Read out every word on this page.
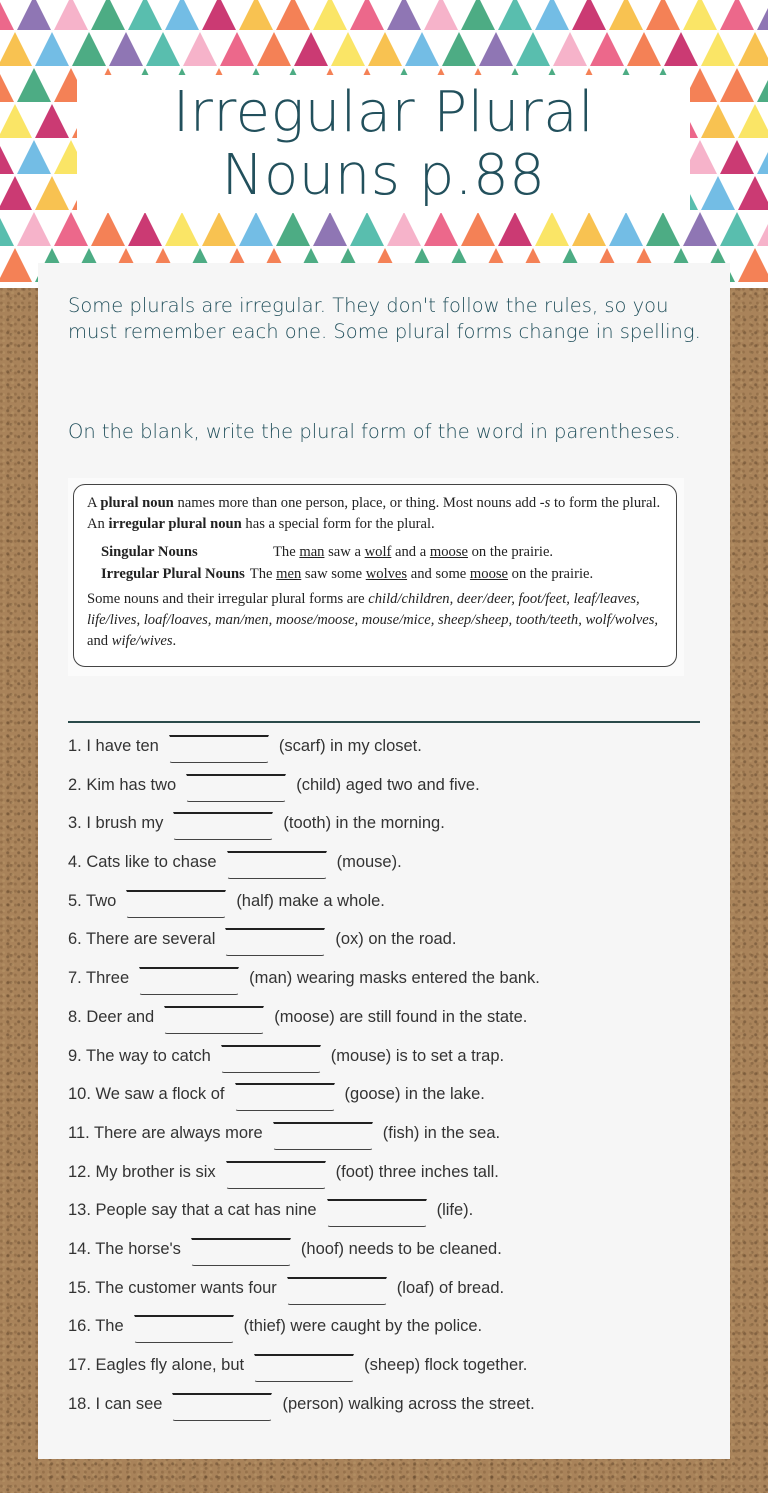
Irregular Plural
Nouns p.88

Some plurals are irregular. They don't follow the rules, so you must remember each one. Some plural forms change in spelling.

On the blank, write the plural form of the word in parentheses.

A plural noun names more than one person, place, or thing. Most nouns add -s to form the plural. An irregular plural noun has a special form for the plural.
Singular Nouns	The man saw a wolf and a moose on the prairie.
Irregular Plural Nouns The men saw some wolves and some moose on the prairie.
Some nouns and their irregular plural forms are child/children, deer/deer, foot/feet, leaf/leaves, life/lives, loaf/loaves, man/men, moose/moose, mouse/mice, sheep/sheep, tooth/teeth, wolf/wolves, and wife/wives.
1. I have ten	(scarf) in my closet.
2. Kim has two	(child) aged two and five.
3. I brush my	(tooth) in the morning.
4. Cats like to chase	(mouse).
5. Two	(half) make a whole.
6. There are several	(ox) on the road.
7. Three	(man) wearing masks entered the bank.
8. Deer and	(moose) are still found in the state.
9. The way to catch	(mouse) is to set a trap.
10. We saw a flock of	(goose) in the lake.
11. There are always more	(fish) in the sea.
12. My brother is six	(foot) three inches tall.
13. People say that a cat has nine	(life).
14. The horse's	(hoof) needs to be cleaned.
15. The customer wants four	(loaf) of bread.
16. The	(thief) were caught by the police.
17. Eagles fly alone, but	(sheep) flock together.
18. I can see	(person) walking across the street.
